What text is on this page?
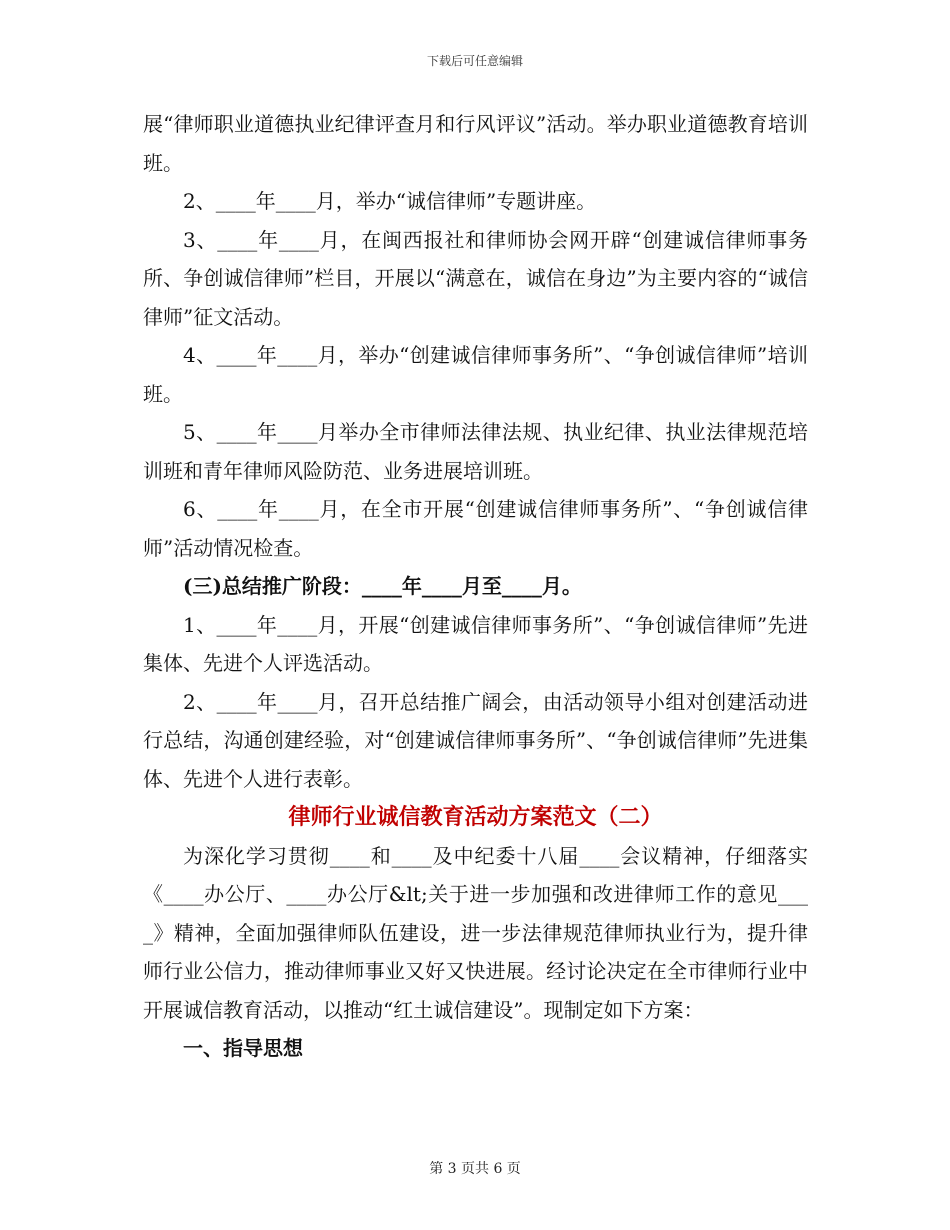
下载后可任意编辑

展“律师职业道德执业纪律评查月和行风评议”活动。举办职业道德教育培训班。

2、____年____月，举办“诚信律师”专题讲座。

3、____年____月，在闽西报社和律师协会网开辟“创建诚信律师事务所、争创诚信律师”栏目，开展以“满意在，诚信在身边”为主要内容的“诚信律师”征文活动。

4、____年____月，举办“创建诚信律师事务所”、“争创诚信律师”培训班。

5、____年____月举办全市律师法律法规、执业纪律、执业法律规范培训班和青年律师风险防范、业务进展培训班。

6、____年____月，在全市开展“创建诚信律师事务所”、“争创诚信律师”活动情况检查。

(三)总结推广阶段：____年____月至____月。

1、____年____月，开展“创建诚信律师事务所”、“争创诚信律师”先进集体、先进个人评选活动。

2、____年____月，召开总结推广阔会，由活动领导小组对创建活动进行总结，沟通创建经验，对“创建诚信律师事务所”、“争创诚信律师”先进集体、先进个人进行表彰。

律师行业诚信教育活动方案范文（二）

为深化学习贯彻____和____及中纪委十八届____会议精神，仔细落实《____办公厅、____办公厅&lt;关于进一步加强和改进律师工作的意见____》精神，全面加强律师队伍建设，进一步法律规范律师执业行为，提升律师行业公信力，推动律师事业又好又快进展。经讨论决定在全市律师行业中开展诚信教育活动，以推动“红土诚信建设”。现制定如下方案：

一、指导思想

第 3 页共 6 页
